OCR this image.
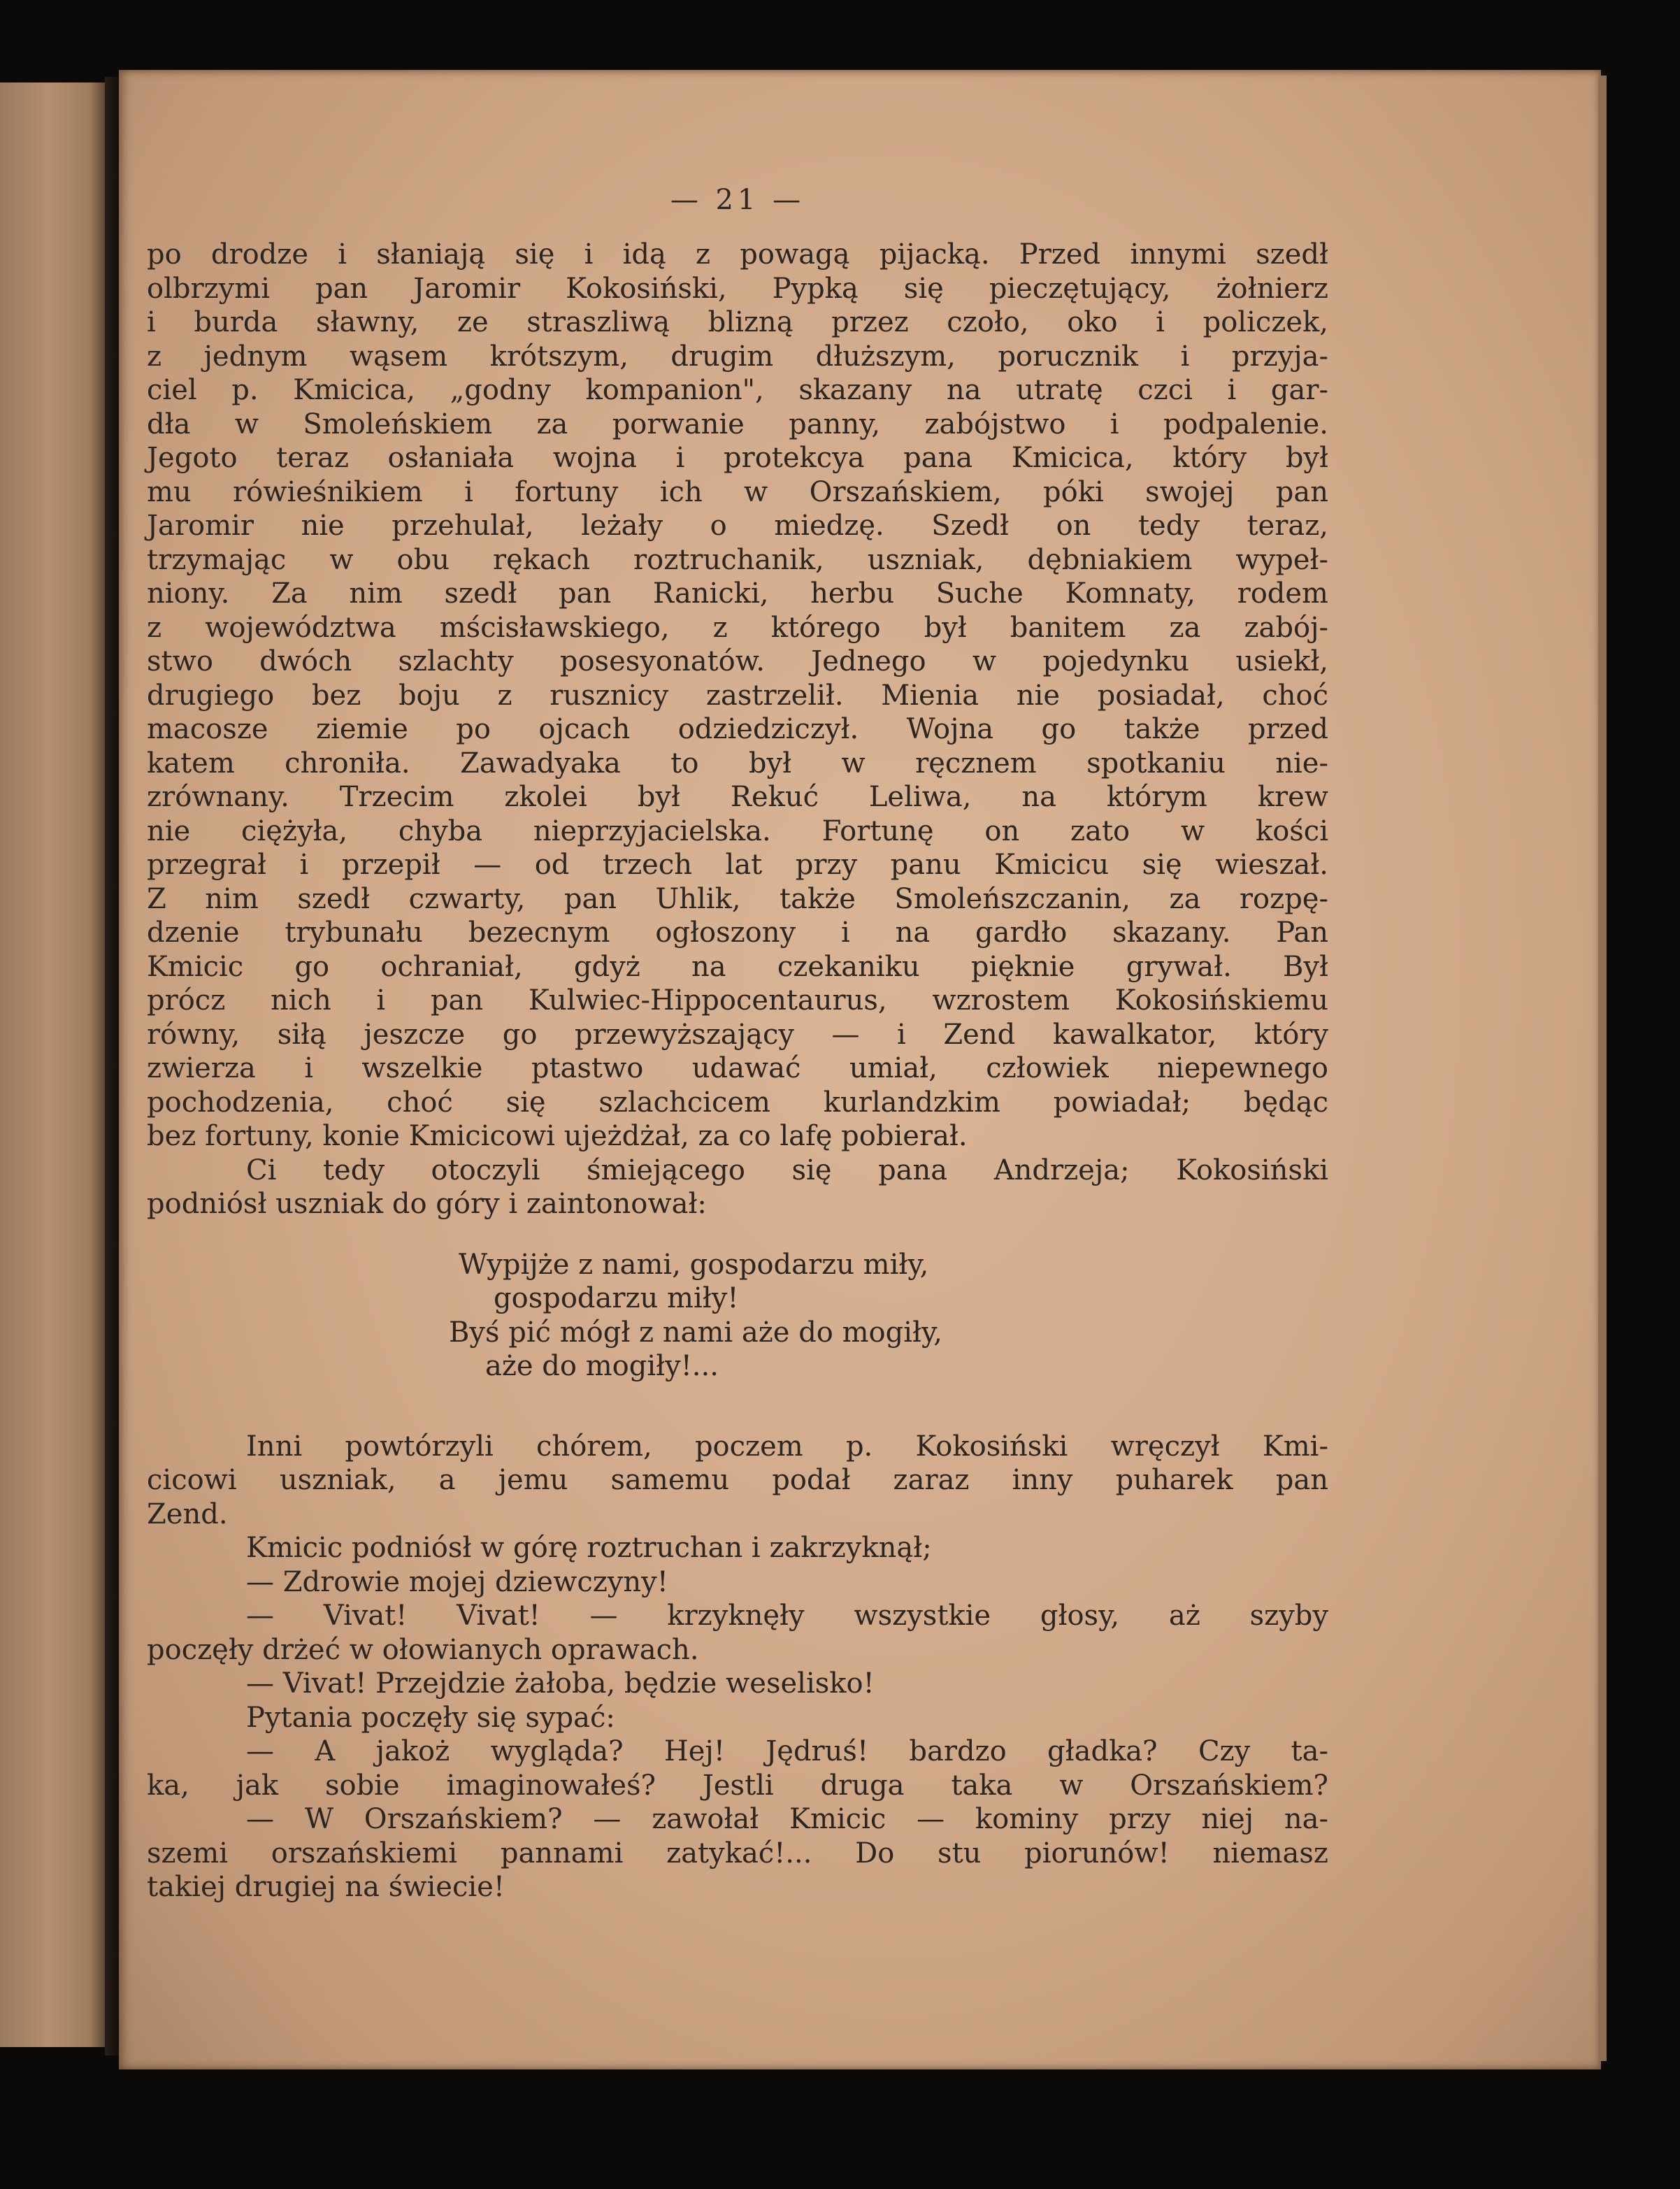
— 21 —
po drodze i słaniają się i idą z powagą pijacką. Przed innymi szedł
olbrzymi pan Jaromir Kokosiński, Pypką się pieczętujący, żołnierz
i burda sławny, ze straszliwą blizną przez czoło, oko i policzek,
z jednym wąsem krótszym, drugim dłuższym, porucznik i przyja-
ciel p. Kmicica, „godny kompanion", skazany na utratę czci i gar-
dła w Smoleńskiem za porwanie panny, zabójstwo i podpalenie.
Jegoto teraz osłaniała wojna i protekcya pana Kmicica, który był
mu rówieśnikiem i fortuny ich w Orszańskiem, póki swojej pan
Jaromir nie przehulał, leżały o miedzę. Szedł on tedy teraz,
trzymając w obu rękach roztruchanik, uszniak, dębniakiem wypeł-
niony. Za nim szedł pan Ranicki, herbu Suche Komnaty, rodem
z województwa mścisławskiego, z którego był banitem za zabój-
stwo dwóch szlachty posesyonatów. Jednego w pojedynku usiekł,
drugiego bez boju z rusznicy zastrzelił. Mienia nie posiadał, choć
macosze ziemie po ojcach odziedziczył. Wojna go także przed
katem chroniła. Zawadyaka to był w ręcznem spotkaniu nie-
zrównany. Trzecim zkolei był Rekuć Leliwa, na którym krew
nie ciężyła, chyba nieprzyjacielska. Fortunę on zato w kości
przegrał i przepił — od trzech lat przy panu Kmicicu się wieszał.
Z nim szedł czwarty, pan Uhlik, także Smoleńszczanin, za rozpę-
dzenie trybunału bezecnym ogłoszony i na gardło skazany. Pan
Kmicic go ochraniał, gdyż na czekaniku pięknie grywał. Był
prócz nich i pan Kulwiec-Hippocentaurus, wzrostem Kokosińskiemu
równy, siłą jeszcze go przewyższający — i Zend kawalkator, który
zwierza i wszelkie ptastwo udawać umiał, człowiek niepewnego
pochodzenia, choć się szlachcicem kurlandzkim powiadał; będąc
bez fortuny, konie Kmicicowi ujeżdżał, za co lafę pobierał.
Ci tedy otoczyli śmiejącego się pana Andrzeja; Kokosiński
podniósł uszniak do góry i zaintonował:
Wypijże z nami, gospodarzu miły,
gospodarzu miły!
Byś pić mógł z nami aże do mogiły,
aże do mogiły!...
Inni powtórzyli chórem, poczem p. Kokosiński wręczył Kmi-
cicowi uszniak, a jemu samemu podał zaraz inny puharek pan
Zend.
Kmicic podniósł w górę roztruchan i zakrzyknął;
— Zdrowie mojej dziewczyny!
— Vivat! Vivat! — krzyknęły wszystkie głosy, aż szyby
poczęły drżeć w ołowianych oprawach.
— Vivat! Przejdzie żałoba, będzie weselisko!
Pytania poczęły się sypać:
— A jakoż wygląda? Hej! Jędruś! bardzo gładka? Czy ta-
ka, jak sobie imaginowałeś? Jestli druga taka w Orszańskiem?
— W Orszańskiem? — zawołał Kmicic — kominy przy niej na-
szemi orszańskiemi pannami zatykać!... Do stu piorunów! niemasz
takiej drugiej na świecie!
